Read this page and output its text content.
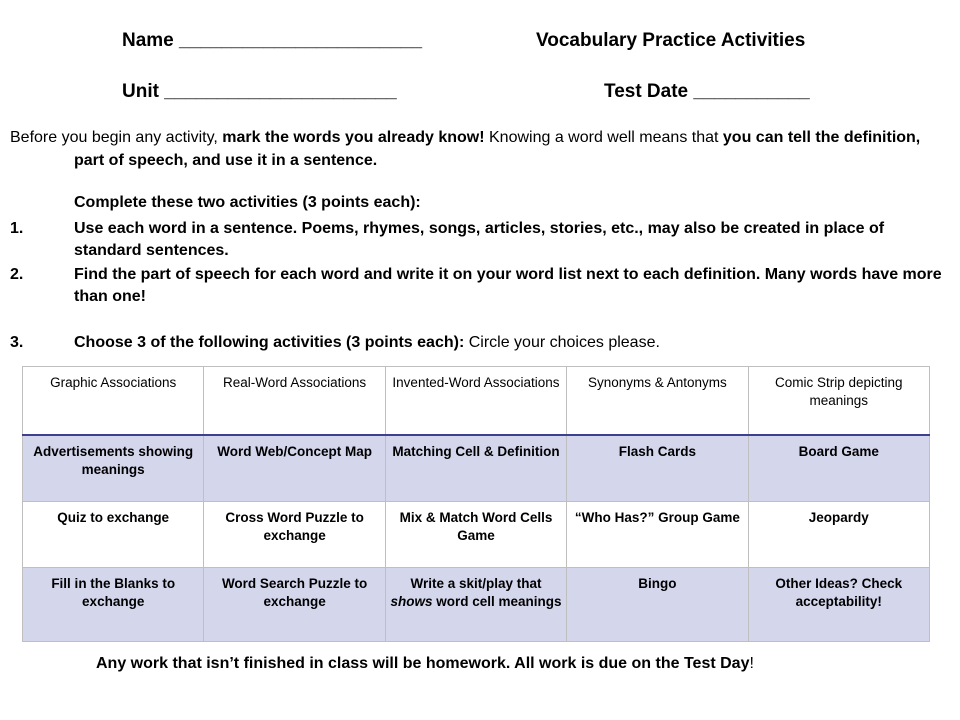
Name _______________________	Vocabulary Practice Activities
Unit ______________________	Test Date ___________
Before you begin any activity, mark the words you already know! Knowing a word well means that you can tell the definition, part of speech, and use it in a sentence.
Complete these two activities (3 points each):
1.	Use each word in a sentence. Poems, rhymes, songs, articles, stories, etc., may also be created in place of standard sentences.
2.	Find the part of speech for each word and write it on your word list next to each definition. Many words have more than one!
3.	Choose 3 of the following activities (3 points each): Circle your choices please.
Graphic Associations	Real-Word Associations	Invented-Word Associations	Synonyms & Antonyms	Comic Strip depicting meanings
Advertisements showing meanings	Word Web/Concept Map	Matching Cell & Definition	Flash Cards	Board Game
Quiz to exchange	Cross Word Puzzle to exchange	Mix & Match Word Cells Game	“Who Has?” Group Game	Jeopardy
Fill in the Blanks to exchange	Word Search Puzzle to exchange	Write a skit/play that shows word cell meanings	Bingo	Other Ideas? Check acceptability!
Any work that isn’t finished in class will be homework. All work is due on the Test Day!
